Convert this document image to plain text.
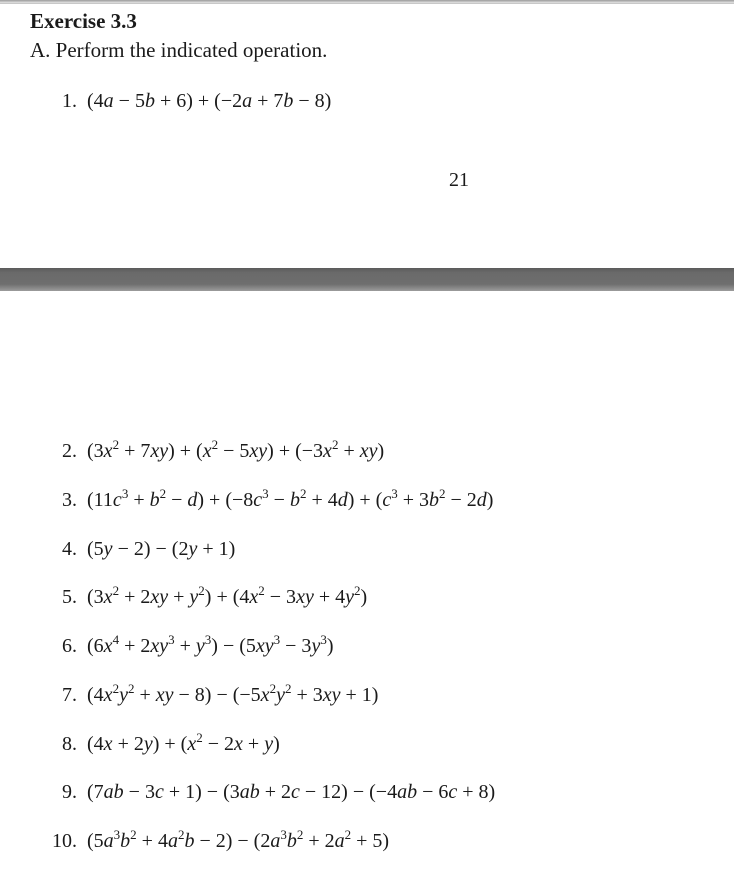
Exercise 3.3
A. Perform the indicated operation.
1. (4a − 5b + 6) + (−2a + 7b − 8)
21
2. $(3x^2 + 7xy) + (x^2 - 5xy) + (-3x^2 + xy)$
3. $(11c^3 + b^2 - d) + (-8c^3 - b^2 + 4d) + (c^3 + 3b^2 - 2d)$
4. (5y − 2) − (2y + 1)
5. $(3x^2 + 2xy + y^2) + (4x^2 - 3xy + 4y^2)$
6. $(6x^4 + 2xy^3 + y^3) - (5xy^3 - 3y^3)$
7. ($4x^2y^2$ + xy − $8) - (-5x^2y^2 + 3xy + 1)$
8. $(4x + 2y) + (x^2 - 2x + y)$
9. (7ab − 3c + 1) − (3ab + 2c − 12) − (−4ab − 6c + 8)
10. $(5a^3b^2 + 4a^2b - 2) - (2a^3b^2 + 2a^2 + 5)$
